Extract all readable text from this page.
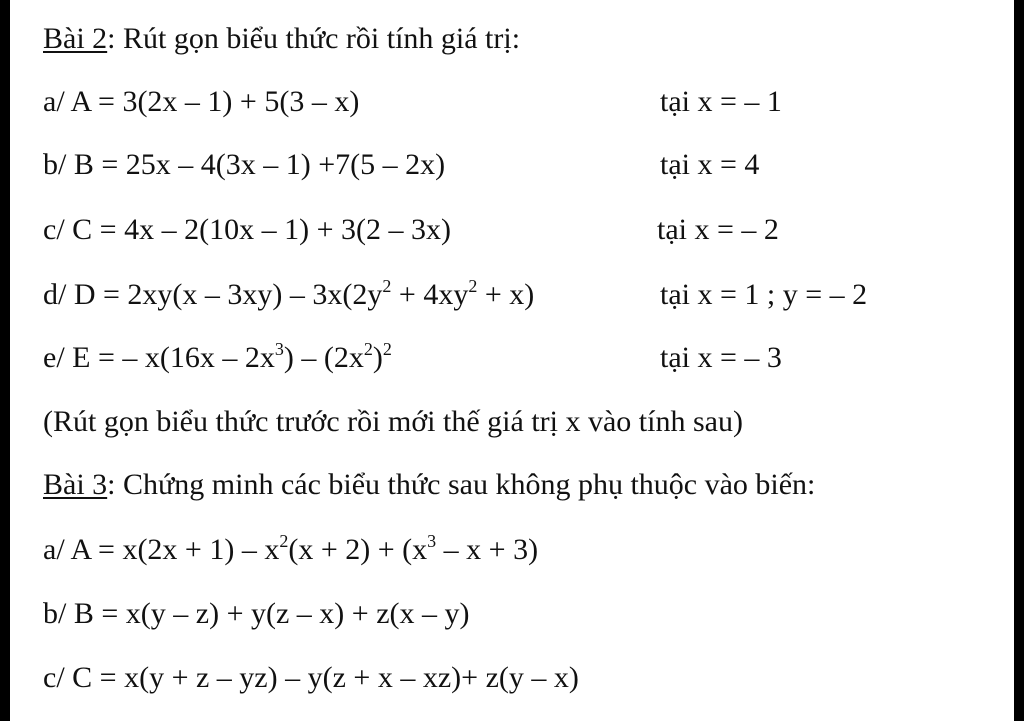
Bài 2: Rút gọn biểu thức rồi tính giá trị:
a/ A = 3(2x – 1) + 5(3 – x)	tại x = – 1
b/ B = 25x – 4(3x – 1) +7(5 – 2x)	tại x = 4
c/ C = 4x – 2(10x – 1) + 3(2 – 3x)	tại x = – 2
d/ $D = 2xy(x - 3xy) - 3x(2y^2 + 4xy^2 + x)$	tại x = 1 ; y = – 2
e/ E = – $x(16x - 2x^3) - (2x^2)^2$	tại x = – 3
(Rút gọn biểu thức trước rồi mới thế giá trị x vào tính sau)
Bài 3: Chứng minh các biểu thức sau không phụ thuộc vào biến:
a/ $A = x(2x + 1) - x^2(x + 2) + (x^3 - x + 3)$
b/ B = x(y – z) + y(z – x) + z(x – y)
c/ C = x(y + z – yz) – y(z + x – xz)+ z(y – x)
